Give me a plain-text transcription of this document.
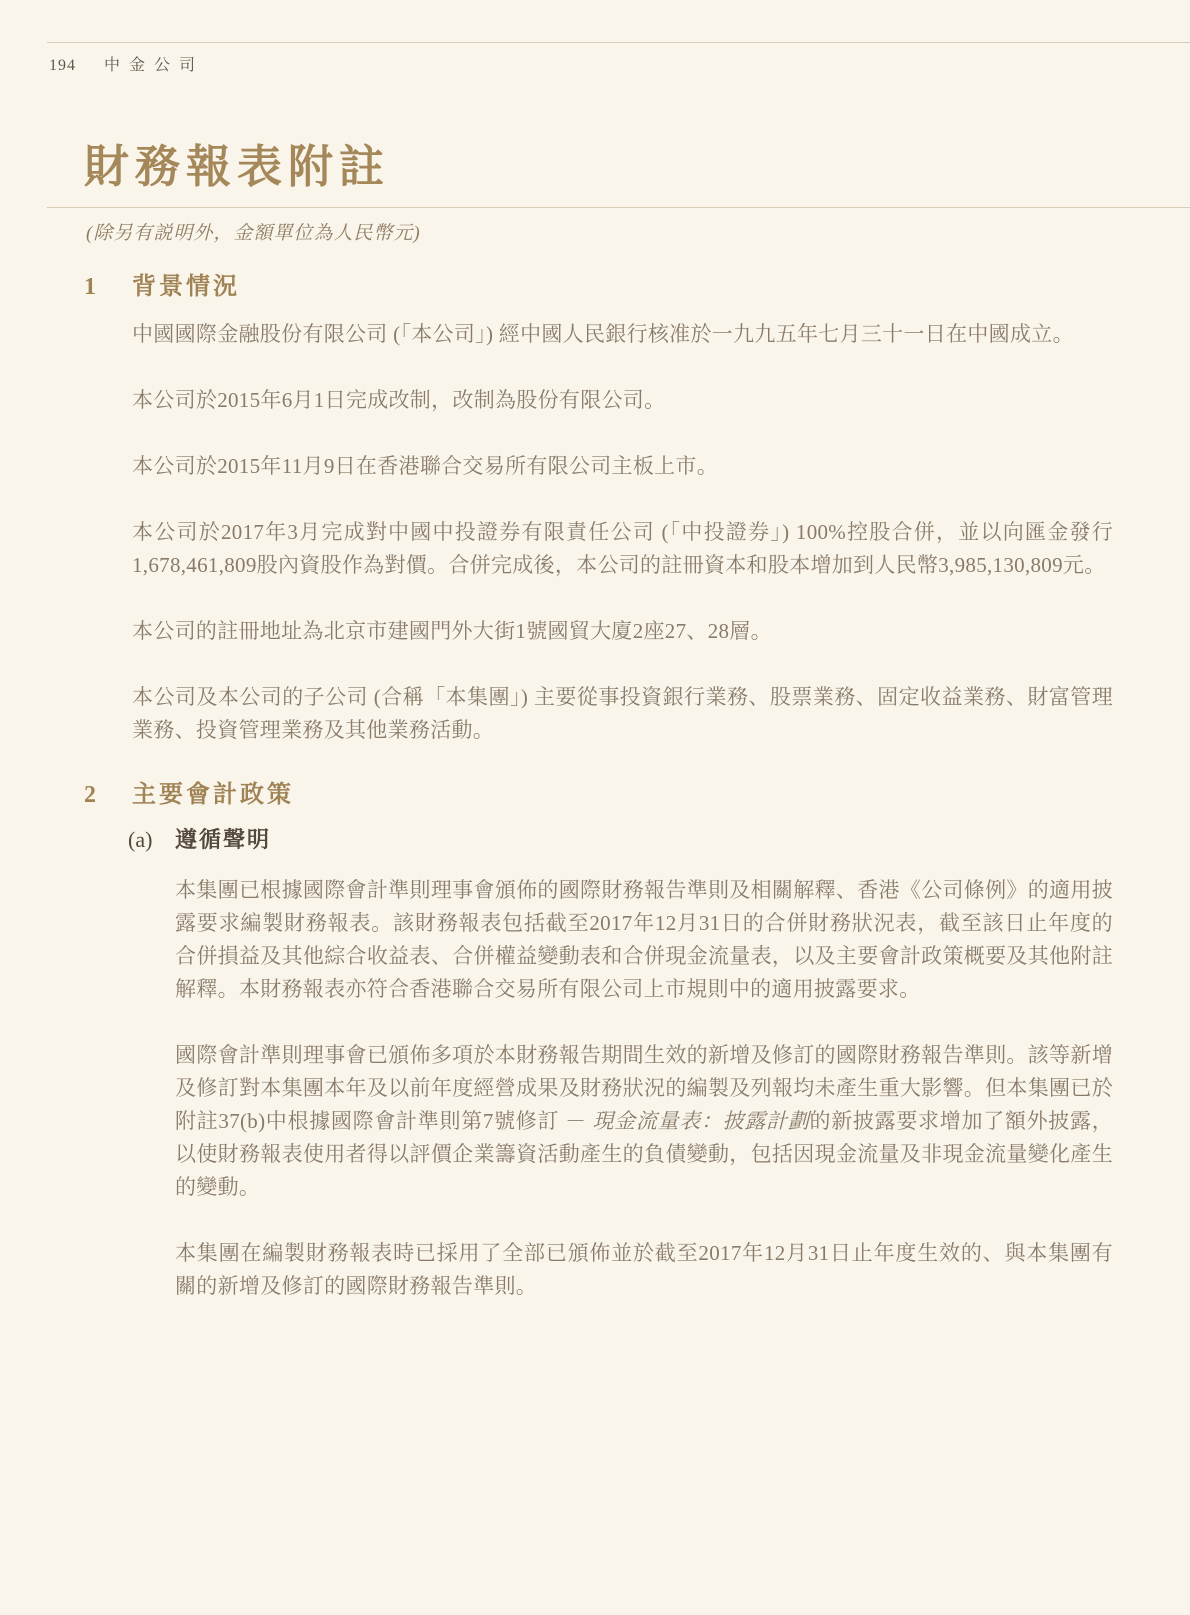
194 中金公司
財務報表附註
(除另有説明外，金額單位為人民幣元)
1	背景情況

中國國際金融股份有限公司 (「本公司」) 經中國人民銀行核准於一九九五年七月三十一日在中國成立。

本公司於2015年6月1日完成改制，改制為股份有限公司。

本公司於2015年11月9日在香港聯合交易所有限公司主板上市。

本公司於2017年3月完成對中國中投證券有限責任公司 (「中投證券」) 100%控股合併，並以向匯金發行1,678,461,809股內資股作為對價。合併完成後，本公司的註冊資本和股本增加到人民幣3,985,130,809元。

本公司的註冊地址為北京市建國門外大街1號國貿大廈2座27、28層。

本公司及本公司的子公司 (合稱「本集團」) 主要從事投資銀行業務、股票業務、固定收益業務、財富管理業務、投資管理業務及其他業務活動。

2	主要會計政策
(a)	遵循聲明

本集團已根據國際會計準則理事會頒佈的國際財務報告準則及相關解釋、香港《公司條例》的適用披露要求編製財務報表。該財務報表包括截至2017年12月31日的合併財務狀況表，截至該日止年度的合併損益及其他綜合收益表、合併權益變動表和合併現金流量表，以及主要會計政策概要及其他附註解釋。本財務報表亦符合香港聯合交易所有限公司上市規則中的適用披露要求。

國際會計準則理事會已頒佈多項於本財務報告期間生效的新增及修訂的國際財務報告準則。該等新增及修訂對本集團本年及以前年度經營成果及財務狀況的編製及列報均未產生重大影響。但本集團已於附註37(b)中根據國際會計準則第7號修訂 － 現金流量表：披露計劃的新披露要求增加了額外披露，以使財務報表使用者得以評價企業籌資活動產生的負債變動，包括因現金流量及非現金流量變化產生的變動。

本集團在編製財務報表時已採用了全部已頒佈並於截至2017年12月31日止年度生效的、與本集團有關的新增及修訂的國際財務報告準則。
